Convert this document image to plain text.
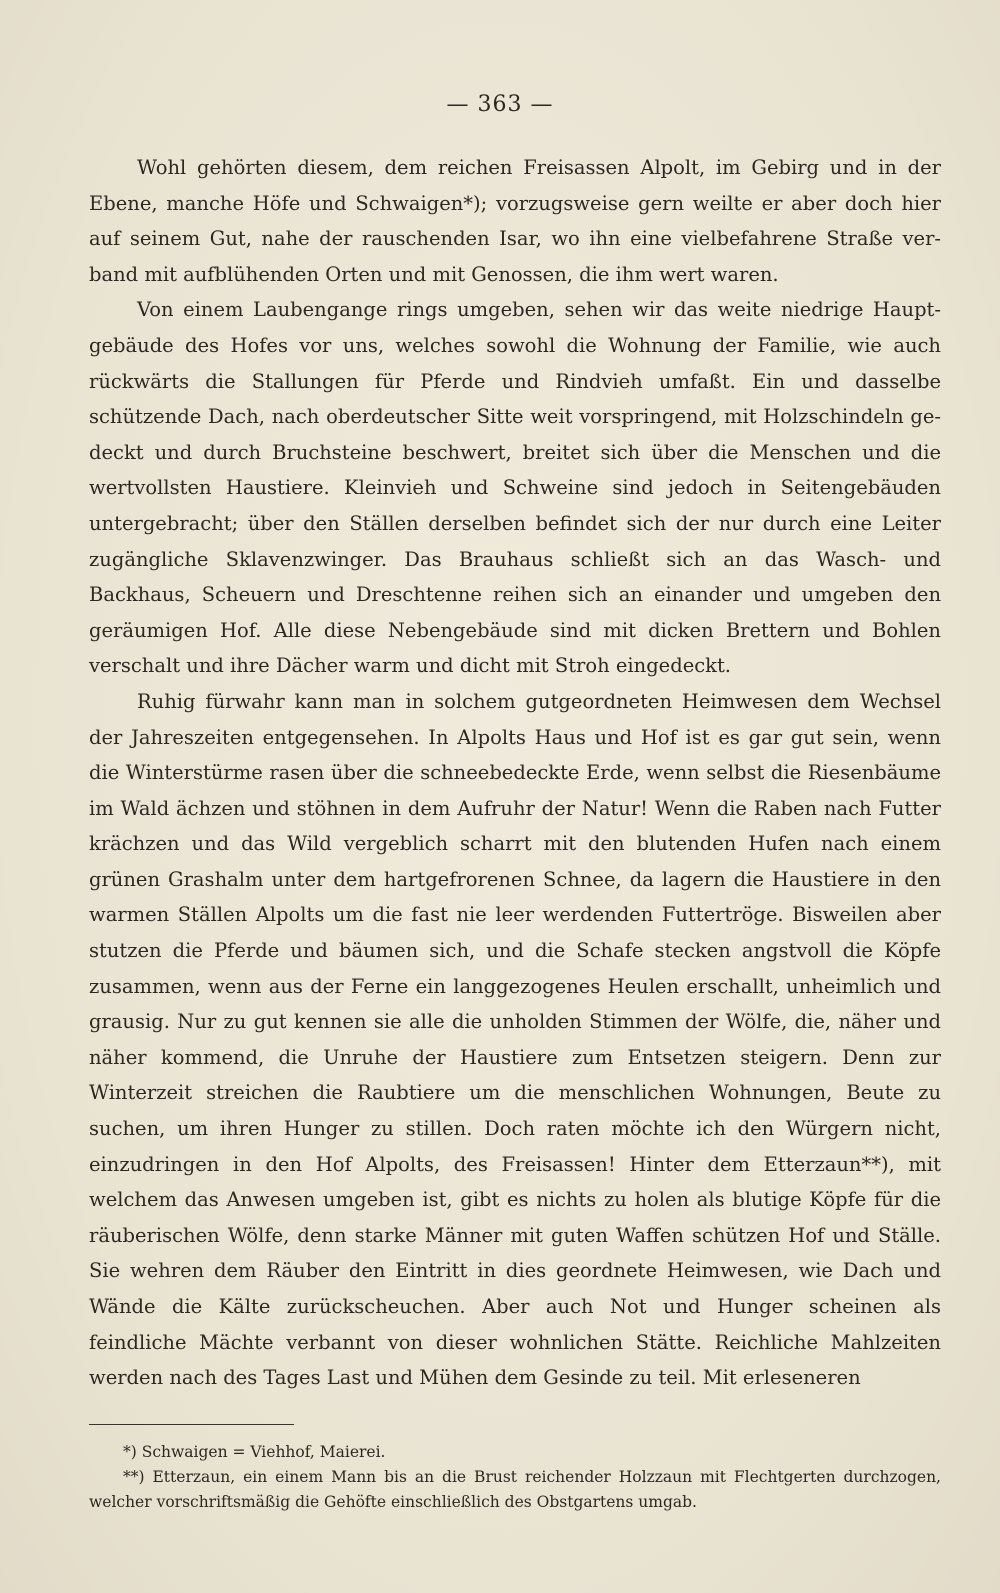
— 363 —

Wohl gehörten diesem, dem reichen Freisassen Alpolt, im Gebirg und in der Ebene, manche Höfe und Schwaigen*); vorzugsweise gern weilte er aber doch hier auf seinem Gut, nahe der rauschenden Isar, wo ihn eine vielbefahrene Straße verband mit aufblühenden Orten und mit Genossen, die ihm wert waren.

Von einem Laubengange rings umgeben, sehen wir das weite niedrige Hauptgebäude des Hofes vor uns, welches sowohl die Wohnung der Familie, wie auch rückwärts die Stallungen für Pferde und Rindvieh umfaßt. Ein und dasselbe schützende Dach, nach oberdeutscher Sitte weit vorspringend, mit Holzschindeln gedeckt und durch Bruchsteine beschwert, breitet sich über die Menschen und die wertvollsten Haustiere. Kleinvieh und Schweine sind jedoch in Seitengebäuden untergebracht; über den Ställen derselben befindet sich der nur durch eine Leiter zugängliche Sklavenzwinger. Das Brauhaus schließt sich an das Wasch- und Backhaus, Scheuern und Dreschtenne reihen sich an einander und umgeben den geräumigen Hof. Alle diese Nebengebäude sind mit dicken Brettern und Bohlen verschalt und ihre Dächer warm und dicht mit Stroh eingedeckt.

Ruhig fürwahr kann man in solchem gutgeordneten Heimwesen dem Wechsel der Jahreszeiten entgegensehen. In Alpolts Haus und Hof ist es gar gut sein, wenn die Winterstürme rasen über die schneebedeckte Erde, wenn selbst die Riesenbäume im Wald ächzen und stöhnen in dem Aufruhr der Natur! Wenn die Raben nach Futter krächzen und das Wild vergeblich scharrt mit den blutenden Hufen nach einem grünen Grashalm unter dem hartgefrorenen Schnee, da lagern die Haustiere in den warmen Ställen Alpolts um die fast nie leer werdenden Futtertröge. Bisweilen aber stutzen die Pferde und bäumen sich, und die Schafe stecken angstvoll die Köpfe zusammen, wenn aus der Ferne ein langgezogenes Heulen erschallt, unheimlich und grausig. Nur zu gut kennen sie alle die unholden Stimmen der Wölfe, die, näher und näher kommend, die Unruhe der Haustiere zum Entsetzen steigern. Denn zur Winterzeit streichen die Raubtiere um die menschlichen Wohnungen, Beute zu suchen, um ihren Hunger zu stillen. Doch raten möchte ich den Würgern nicht, einzudringen in den Hof Alpolts, des Freisassen! Hinter dem Etterzaun**), mit welchem das Anwesen umgeben ist, gibt es nichts zu holen als blutige Köpfe für die räuberischen Wölfe, denn starke Männer mit guten Waffen schützen Hof und Ställe. Sie wehren dem Räuber den Eintritt in dies geordnete Heimwesen, wie Dach und Wände die Kälte zurückscheuchen. Aber auch Not und Hunger scheinen als feindliche Mächte verbannt von dieser wohnlichen Stätte. Reichliche Mahlzeiten werden nach des Tages Last und Mühen dem Gesinde zu teil. Mit erleseneren

*) Schwaigen = Viehhof, Maierei.

**) Etterzaun, ein einem Mann bis an die Brust reichender Holzzaun mit Flechtgerten durchzogen, welcher vorschriftsmäßig die Gehöfte einschließlich des Obstgartens umgab.
